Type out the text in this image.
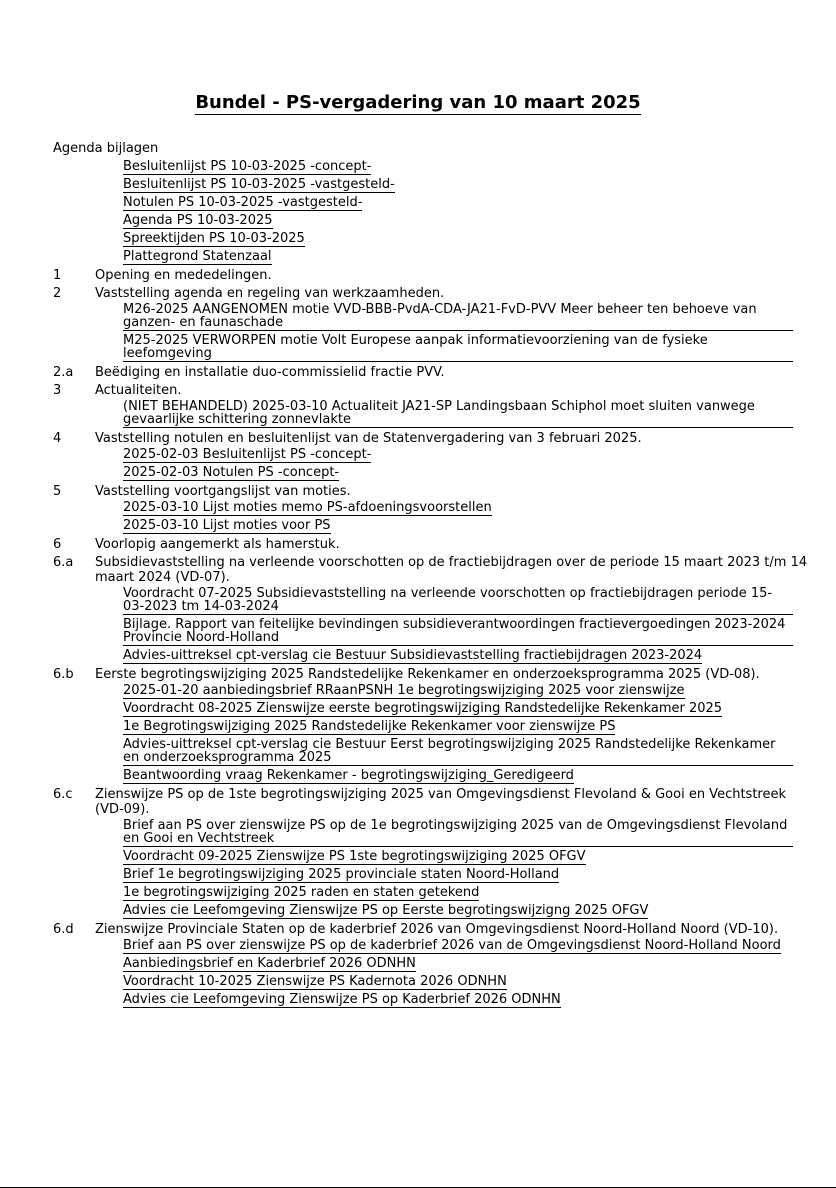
Bundel - PS-vergadering van 10 maart 2025
Agenda bijlagen
Besluitenlijst PS 10-03-2025 -concept-
Besluitenlijst PS 10-03-2025 -vastgesteld-
Notulen PS 10-03-2025 -vastgesteld-
Agenda PS 10-03-2025
Spreektijden PS 10-03-2025
Plattegrond Statenzaal
1	Opening en mededelingen.
2	Vaststelling agenda en regeling van werkzaamheden.
M26-2025 AANGENOMEN motie VVD-BBB-PvdA-CDA-JA21-FvD-PVV Meer beheer ten behoeve van ganzen- en faunaschade
M25-2025 VERWORPEN motie Volt Europese aanpak informatievoorziening van de fysieke leefomgeving
2.a	Beëdiging en installatie duo-commissielid fractie PVV.
3	Actualiteiten.
(NIET BEHANDELD) 2025-03-10 Actualiteit JA21-SP Landingsbaan Schiphol moet sluiten vanwege gevaarlijke schittering zonnevlakte
4	Vaststelling notulen en besluitenlijst van de Statenvergadering van 3 februari 2025.
2025-02-03 Besluitenlijst PS -concept-
2025-02-03 Notulen PS -concept-
5	Vaststelling voortgangslijst van moties.
2025-03-10 Lijst moties memo PS-afdoeningsvoorstellen
2025-03-10 Lijst moties voor PS
6	Voorlopig aangemerkt als hamerstuk.
6.a	Subsidievaststelling na verleende voorschotten op de fractiebijdragen over de periode 15 maart 2023 t/m 14 maart 2024 (VD-07).
Voordracht 07-2025 Subsidievaststelling na verleende voorschotten op fractiebijdragen periode 15-03-2023 tm 14-03-2024
Bijlage. Rapport van feitelijke bevindingen subsidieverantwoordingen fractievergoedingen 2023-2024 Provincie Noord-Holland
Advies-uittreksel cpt-verslag cie Bestuur Subsidievaststelling fractiebijdragen 2023-2024
6.b	Eerste begrotingswijziging 2025 Randstedelijke Rekenkamer en onderzoeksprogramma 2025 (VD-08).
2025-01-20 aanbiedingsbrief RRaanPSNH 1e begrotingswijziging 2025 voor zienswijze
Voordracht 08-2025 Zienswijze eerste begrotingswijziging Randstedelijke Rekenkamer 2025
1e Begrotingswijziging 2025 Randstedelijke Rekenkamer voor zienswijze PS
Advies-uittreksel cpt-verslag cie Bestuur Eerst begrotingswijziging 2025 Randstedelijke Rekenkamer en onderzoeksprogramma 2025
Beantwoording vraag Rekenkamer - begrotingswijziging_Geredigeerd
6.c	Zienswijze PS op de 1ste begrotingswijziging 2025 van Omgevingsdienst Flevoland & Gooi en Vechtstreek (VD-09).
Brief aan PS over zienswijze PS op de 1e begrotingswijziging 2025 van de Omgevingsdienst Flevoland en Gooi en Vechtstreek
Voordracht 09-2025 Zienswijze PS 1ste begrotingswijziging 2025 OFGV
Brief 1e begrotingswijziging 2025 provinciale staten Noord-Holland
1e begrotingswijziging 2025 raden en staten getekend
Advies cie Leefomgeving Zienswijze PS op Eerste begrotingswijzigng 2025 OFGV
6.d	Zienswijze Provinciale Staten op de kaderbrief 2026 van Omgevingsdienst Noord-Holland Noord (VD-10).
Brief aan PS over zienswijze PS op de kaderbrief 2026 van de Omgevingsdienst Noord-Holland Noord
Aanbiedingsbrief en Kaderbrief 2026 ODNHN
Voordracht 10-2025 Zienswijze PS Kadernota 2026 ODNHN
Advies cie Leefomgeving Zienswijze PS op Kaderbrief 2026 ODNHN
